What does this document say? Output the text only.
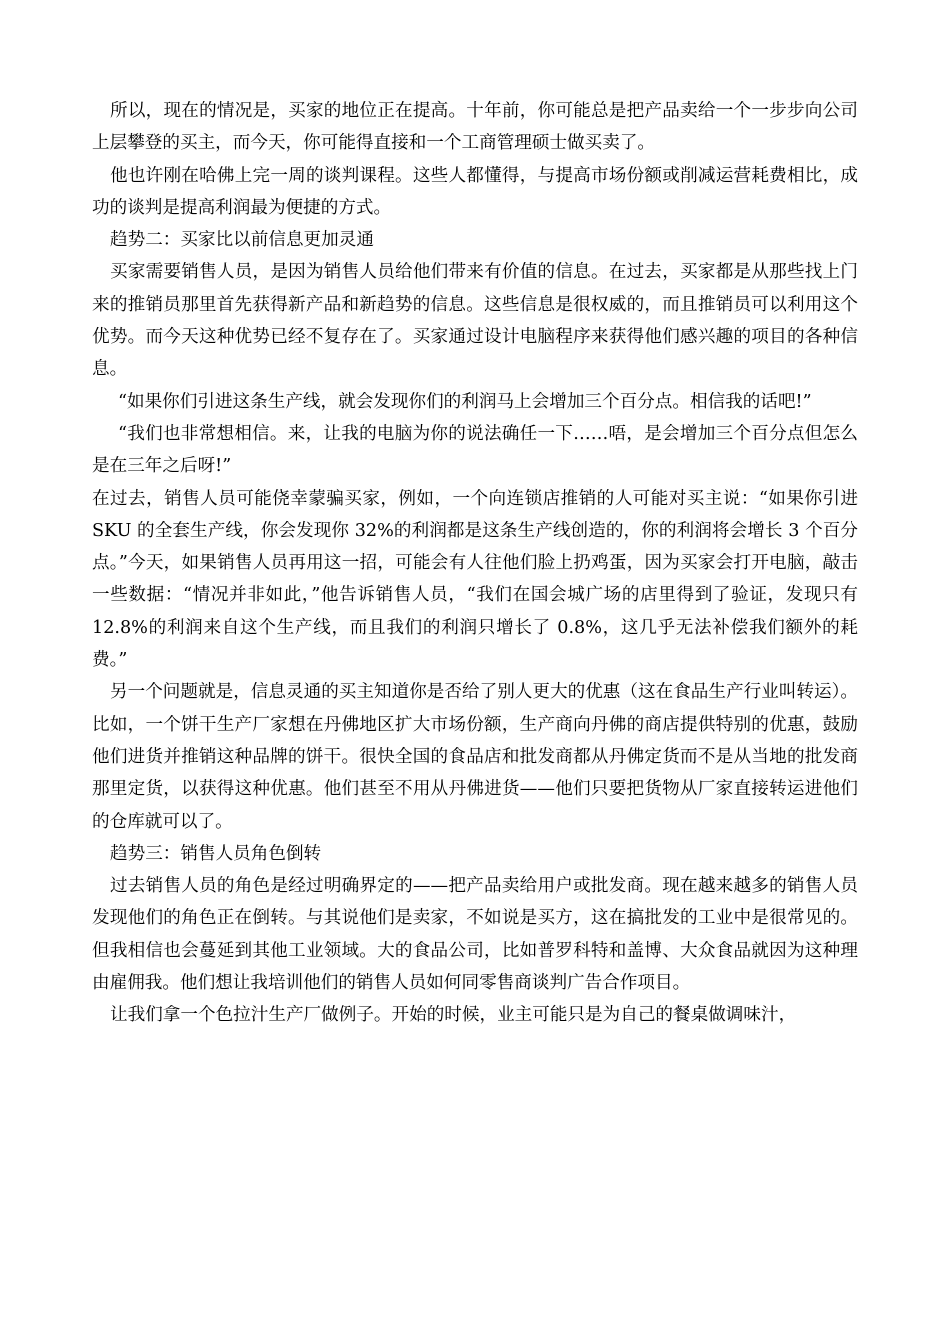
所以，现在的情况是，买家的地位正在提高。十年前，你可能总是把产品卖给一个一步步向公司上层攀登的买主，而今天，你可能得直接和一个工商管理硕士做买卖了。

他也许刚在哈佛上完一周的谈判课程。这些人都懂得，与提高市场份额或削减运营耗费相比，成功的谈判是提高利润最为便捷的方式。

趋势二：买家比以前信息更加灵通

买家需要销售人员，是因为销售人员给他们带来有价值的信息。在过去，买家都是从那些找上门来的推销员那里首先获得新产品和新趋势的信息。这些信息是很权威的，而且推销员可以利用这个优势。而今天这种优势已经不复存在了。买家通过设计电脑程序来获得他们感兴趣的项目的各种信息。

“如果你们引进这条生产线，就会发现你们的利润马上会增加三个百分点。相信我的话吧!”

“我们也非常想相信。来，让我的电脑为你的说法确任一下……唔，是会增加三个百分点但怎么是在三年之后呀!”

在过去，销售人员可能侥幸蒙骗买家，例如，一个向连锁店推销的人可能对买主说：“如果你引进 SKU 的全套生产线，你会发现你 32%的利润都是这条生产线创造的，你的利润将会增长 3 个百分点。”今天，如果销售人员再用这一招，可能会有人往他们脸上扔鸡蛋，因为买家会打开电脑，敲击一些数据：“情况并非如此，”他告诉销售人员，“我们在国会城广场的店里得到了验证，发现只有 12.8%的利润来自这个生产线，而且我们的利润只增长了 0.8%，这几乎无法补偿我们额外的耗费。”

另一个问题就是，信息灵通的买主知道你是否给了别人更大的优惠（这在食品生产行业叫转运）。比如，一个饼干生产厂家想在丹佛地区扩大市场份额，生产商向丹佛的商店提供特别的优惠，鼓励他们进货并推销这种品牌的饼干。很快全国的食品店和批发商都从丹佛定货而不是从当地的批发商那里定货，以获得这种优惠。他们甚至不用从丹佛进货——他们只要把货物从厂家直接转运进他们的仓库就可以了。

趋势三：销售人员角色倒转

过去销售人员的角色是经过明确界定的——把产品卖给用户或批发商。现在越来越多的销售人员发现他们的角色正在倒转。与其说他们是卖家，不如说是买方，这在搞批发的工业中是很常见的。但我相信也会蔓延到其他工业领域。大的食品公司，比如普罗科特和盖博、大众食品就因为这种理由雇佣我。他们想让我培训他们的销售人员如何同零售商谈判广告合作项目。

让我们拿一个色拉汁生产厂做例子。开始的时候，业主可能只是为自己的餐桌做调味汁，
